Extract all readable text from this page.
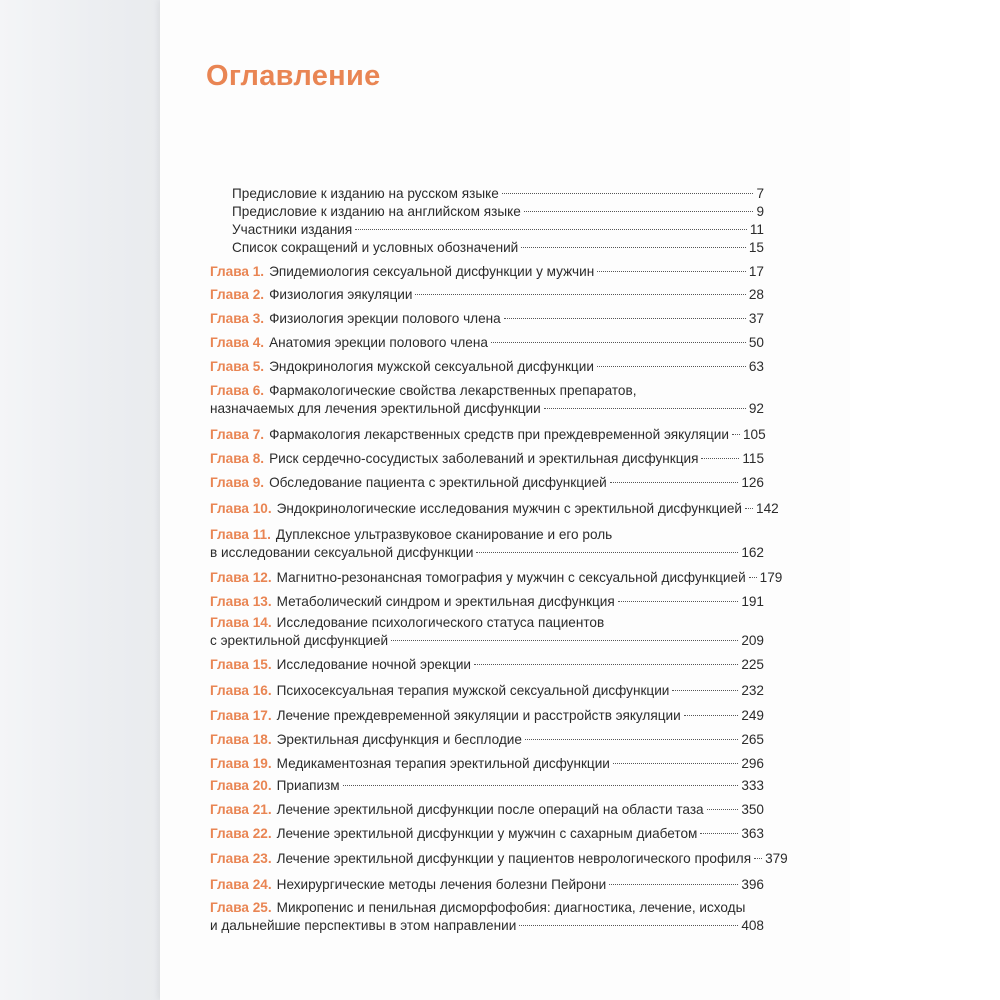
Оглавление
Предисловие к изданию на русском языке	7
Предисловие к изданию на английском языке	9
Участники издания	11
Список сокращений и условных обозначений	15
Глава 1. Эпидемиология сексуальной дисфункции у мужчин	17
Глава 2. Физиология эякуляции	28
Глава 3. Физиология эрекции полового члена	37
Глава 4. Анатомия эрекции полового члена	50
Глава 5. Эндокринология мужской сексуальной дисфункции	63
Глава 6. Фармакологические свойства лекарственных препаратов,
назначаемых для лечения эректильной дисфункции	92
Глава 7. Фармакология лекарственных средств при преждевременной эякуляции 105
Глава 8. Риск сердечно-сосудистых заболеваний и эректильная дисфункция	115
Глава 9. Обследование пациента с эректильной дисфункцией	126
Глава 10. Эндокринологические исследования мужчин с эректильной дисфункцией 142
Глава 11. Дуплексное ультразвуковое сканирование и его роль
в исследовании сексуальной дисфункции	162
Глава 12. Магнитно-резонансная томография у мужчин с сексуальной дисфункцией 179
Глава 13. Метаболический синдром и эректильная дисфункция	191
Глава 14. Исследование психологического статуса пациентов
с эректильной дисфункцией	209
Глава 15. Исследование ночной эрекции	225
Глава 16. Психосексуальная терапия мужской сексуальной дисфункции	232
Глава 17. Лечение преждевременной эякуляции и расстройств эякуляции	249
Глава 18. Эректильная дисфункция и бесплодие	265
Глава 19. Медикаментозная терапия эректильной дисфункции	296
Глава 20. Приапизм	333
Глава 21. Лечение эректильной дисфункции после операций на области таза	350
Глава 22. Лечение эректильной дисфункции у мужчин с сахарным диабетом	363
Глава 23. Лечение эректильной дисфункции у пациентов неврологического профиля 379
Глава 24. Нехирургические методы лечения болезни Пейрони	396
Глава 25. Микропенис и пенильная дисморфофобия: диагностика, лечение, исходы
и дальнейшие перспективы в этом направлении	408
